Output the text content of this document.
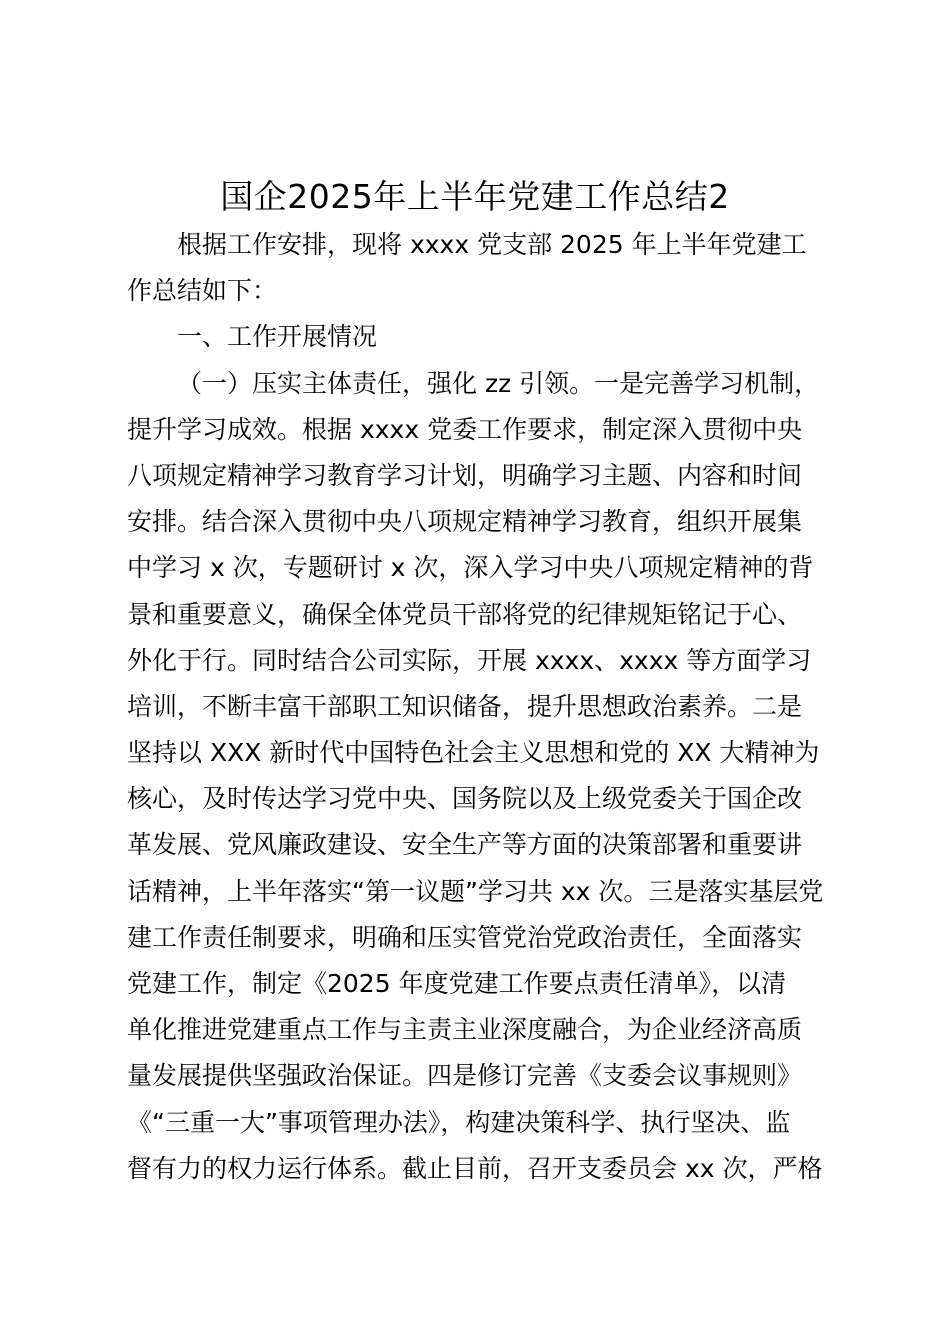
国企2025年上半年党建工作总结2
根据工作安排，现将 xxxx 党支部 2025 年上半年党建工
作总结如下：
一、工作开展情况
（一）压实主体责任，强化 zz 引领。一是完善学习机制，
提升学习成效。根据 xxxx 党委工作要求，制定深入贯彻中央
八项规定精神学习教育学习计划，明确学习主题、内容和时间
安排。结合深入贯彻中央八项规定精神学习教育，组织开展集
中学习 x 次，专题研讨 x 次，深入学习中央八项规定精神的背
景和重要意义，确保全体党员干部将党的纪律规矩铭记于心、
外化于行。同时结合公司实际，开展 xxxx、xxxx 等方面学习
培训，不断丰富干部职工知识储备，提升思想政治素养。二是
坚持以 XXX 新时代中国特色社会主义思想和党的 XX 大精神为
核心，及时传达学习党中央、国务院以及上级党委关于国企改
革发展、党风廉政建设、安全生产等方面的决策部署和重要讲
话精神，上半年落实“第一议题”学习共 xx 次。三是落实基层党
建工作责任制要求，明确和压实管党治党政治责任，全面落实
党建工作，制定《2025 年度党建工作要点责任清单》，以清
单化推进党建重点工作与主责主业深度融合，为企业经济高质
量发展提供坚强政治保证。四是修订完善《支委会议事规则》
《“三重一大”事项管理办法》，构建决策科学、执行坚决、监
督有力的权力运行体系。截止目前，召开支委员会 xx 次，严格
